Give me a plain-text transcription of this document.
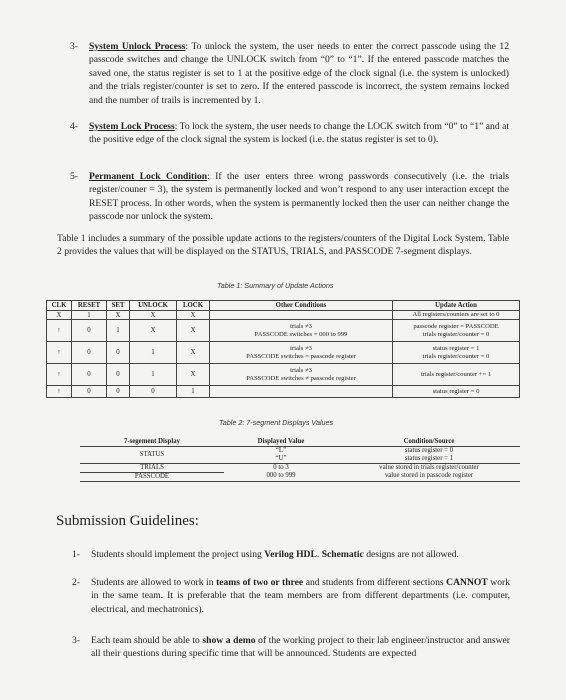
3- System Unlock Process: To unlock the system, the user needs to enter the correct passcode using the 12 passcode switches and change the UNLOCK switch from “0” to “1”. If the entered passcode matches the saved one, the status register is set to 1 at the positive edge of the clock signal (i.e. the system is unlocked) and the trials register/counter is set to zero. If the entered passcode is incorrect, the system remains locked and the number of trails is incremented by 1.
4- System Lock Process: To lock the system, the user needs to change the LOCK switch from “0” to “1” and at the positive edge of the clock signal the system is locked (i.e. the status register is set to 0).
5- Permanent Lock Condition: If the user enters three wrong passwords consecutively (i.e. the trials register/couner = 3), the system is permanently locked and won’t respond to any user interaction except the RESET process. In other words, when the system is permanently locked then the user can neither change the passcode nor unlock the system.
Table 1 includes a summary of the possible update actions to the registers/counters of the Digital Lock System. Table 2 provides the values that will be displayed on the STATUS, TRIALS, and PASSCODE 7-segment displays.
Table 1: Summary of Update Actions
CLK	RESET	SET	UNLOCK	LOCK	Other Conditions	Update Action
X	1	X	X	X		All registers/counters are set to 0
↑	0	1	X	X	trials ≠3
PASSCODE switches = 000 to 999	passcode register = PASSCODE
trials register/counter = 0
↑	0	0	1	X	trials ≠3
PASSCODE switches = passcode register	status register = 1
trials register/counter = 0
↑	0	0	1	X	trials ≠3
PASSCODE switches ≠ passcode register	trials register/counter += 1
↑	0	0	0	1		status register = 0
Table 2: 7-segment Displays Values
7-segement Display	Displayed Value	Condition/Source
STATUS	“L”	status register = 0
	“U”	status register = 1
TRIALS	0 to 3	value stored in trials register/counter
PASSCODE	000 to 999	value stored in passcode register
Submission Guidelines:
1- Students should implement the project using Verilog HDL. Schematic designs are not allowed.
2- Students are allowed to work in teams of two or three and students from different sections CANNOT work in the same team. It is preferable that the team members are from different departments (i.e. computer, electrical, and mechatronics).
3- Each team should be able to show a demo of the working project to their lab engineer/instructor and answer all their questions during specific time that will be announced. Students are expected
